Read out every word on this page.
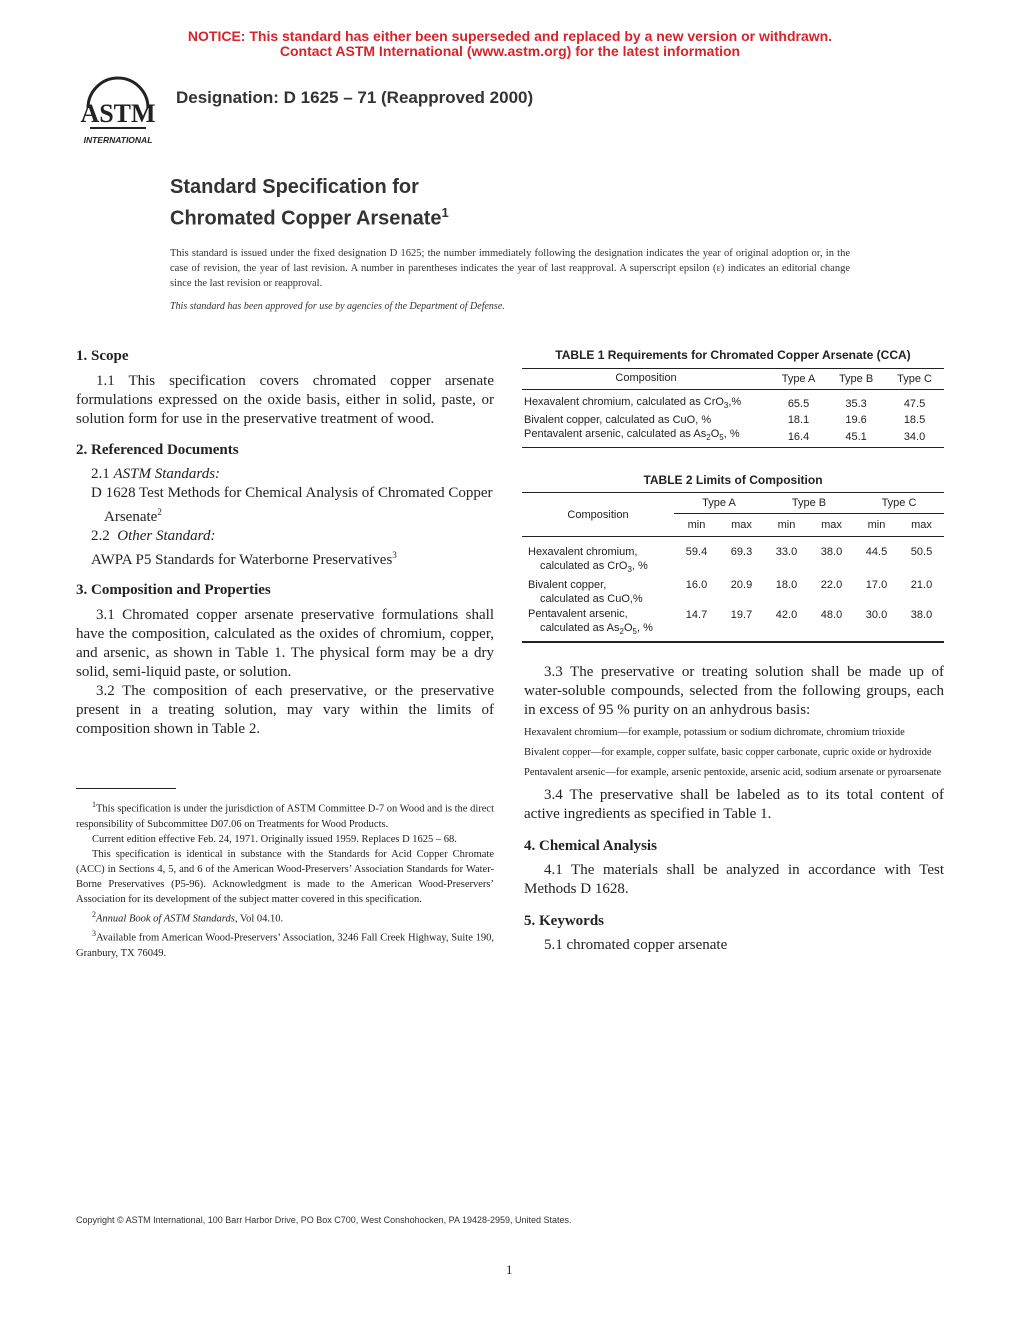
NOTICE: This standard has either been superseded and replaced by a new version or withdrawn.
Contact ASTM International (www.astm.org) for the latest information
ASTM
INTERNATIONAL
Designation: D 1625 – 71 (Reapproved 2000)
Standard Specification for
Chromated Copper Arsenate$^1$
This standard is issued under the fixed designation D 1625; the number immediately following the designation indicates the year of original adoption or, in the case of revision, the year of last revision. A number in parentheses indicates the year of last reapproval. A superscript epsilon (ε) indicates an editorial change since the last revision or reapproval.
This standard has been approved for use by agencies of the Department of Defense.
1. Scope

1.1 This specification covers chromated copper arsenate formulations expressed on the oxide basis, either in solid, paste, or solution form for use in the preservative treatment of wood.

2. Referenced Documents

2.1 ASTM Standards:

D 1628 Test Methods for Chemical Analysis of Chromated Copper Arsenate$^2$

2.2 Other Standard:

AWPA P5 Standards for Waterborne Preservatives$^3$

3. Composition and Properties

3.1 Chromated copper arsenate preservative formulations shall have the composition, calculated as the oxides of chromium, copper, and arsenic, as shown in Table 1. The physical form may be a dry solid, semi-liquid paste, or solution.

3.2 The composition of each preservative, or the preservative present in a treating solution, may vary within the limits of composition shown in Table 2.

$^1$This specification is under the jurisdiction of ASTM Committee D-7 on Wood and is the direct responsibility of Subcommittee D07.06 on Treatments for Wood Products.

Current edition effective Feb. 24, 1971. Originally issued 1959. Replaces D 1625 – 68.

This specification is identical in substance with the Standards for Acid Copper Chromate (ACC) in Sections 4, 5, and 6 of the American Wood-Preservers’ Association Standards for Water-Borne Preservatives (P5-96). Acknowledgment is made to the American Wood-Preservers’ Association for its development of the subject matter covered in this specification.

$^2$Annual Book of ASTM Standards, Vol 04.10.

$^3$Available from American Wood-Preservers’ Association, 3246 Fall Creek Highway, Suite 190, Granbury, TX 76049.

TABLE 1 Requirements for Chromated Copper Arsenate (CCA)
Composition	Type A	Type B	Type C
Hexavalent chromium, calculated as CrO$_3$,%	65.5	35.3	47.5
Bivalent copper, calculated as CuO, %	18.1	19.6	18.5
Pentavalent arsenic, calculated as $As_2O_5$, %	16.4	45.1	34.0
TABLE 2 Limits of Composition
Composition	Type A		Type B		Type C	
	min	max	min	max	min	max
Hexavalent chromium,
calculated as CrO$_3$, %	59.4	69.3	33.0	38.0	44.5	50.5
Bivalent copper,
calculated as CuO,%	16.0	20.9	18.0	22.0	17.0	21.0
Pentavalent arsenic,
calculated as $As_2O_5$, %	14.7	19.7	42.0	48.0	30.0	38.0

3.3 The preservative or treating solution shall be made up of water-soluble compounds, selected from the following groups, each in excess of 95 % purity on an anhydrous basis:

Hexavalent chromium—for example, potassium or sodium dichromate, chromium trioxide

Bivalent copper—for example, copper sulfate, basic copper carbonate, cupric oxide or hydroxide

Pentavalent arsenic—for example, arsenic pentoxide, arsenic acid, sodium arsenate or pyroarsenate

3.4 The preservative shall be labeled as to its total content of active ingredients as specified in Table 1.

4. Chemical Analysis

4.1 The materials shall be analyzed in accordance with Test Methods D 1628.

5. Keywords

5.1 chromated copper arsenate

Copyright © ASTM International, 100 Barr Harbor Drive, PO Box C700, West Conshohocken, PA 19428-2959, United States.
1
